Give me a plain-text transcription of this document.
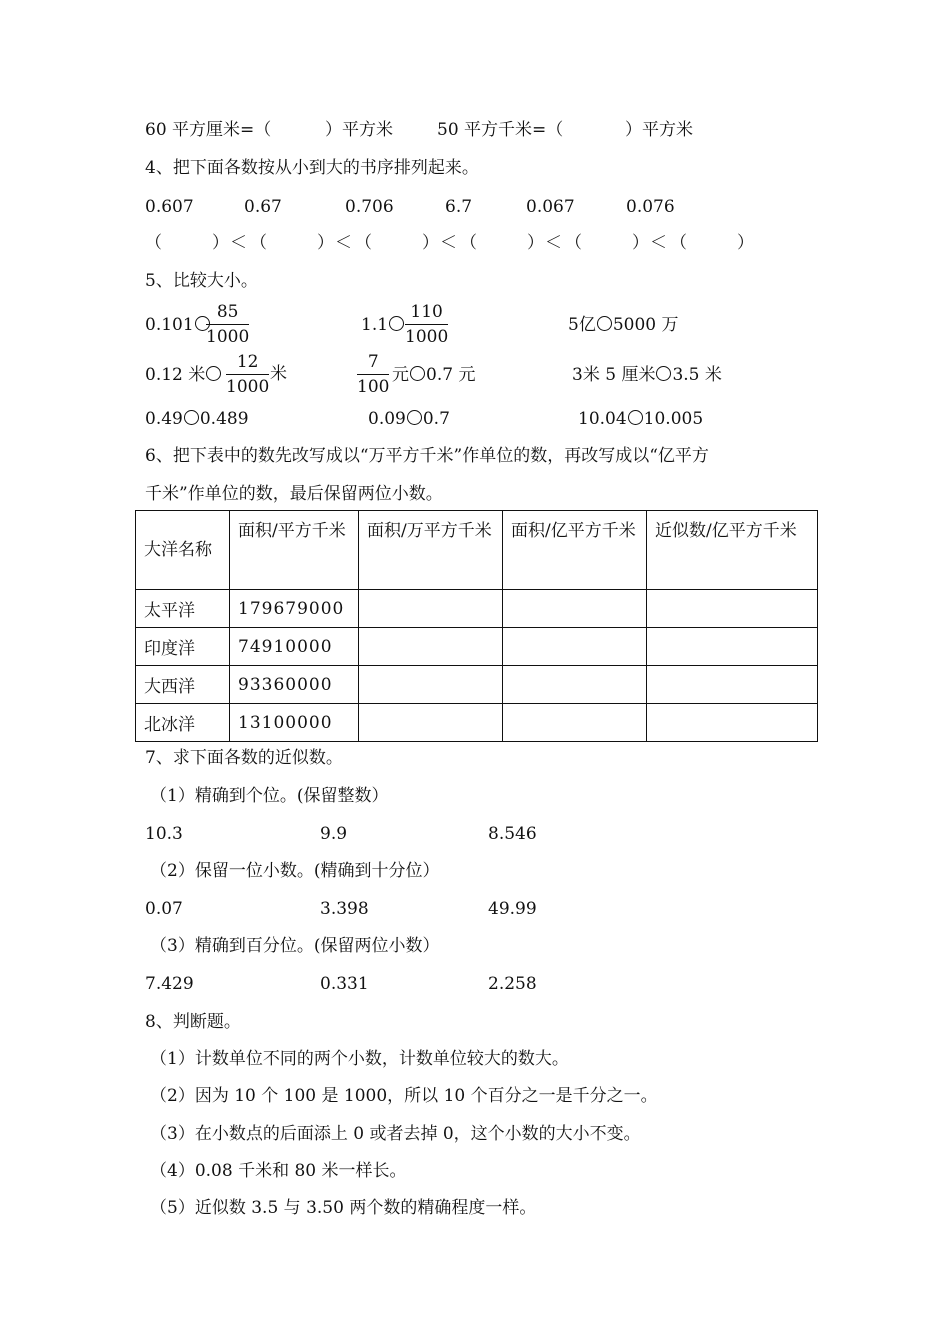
60 平方厘米=（	）平方米	50 平方千米=（	）平方米
4、把下面各数按从小到大的书序排列起来。
0.607	0.67	0.706	6.7	0.067	0.076
（	） ＜ （	） ＜ （	） ＜ （	） ＜ （	） ＜ （	）
5、比较大小。
$0.101 \frac{85}{1000}$	$1.1 \frac{110}{1000}$	5亿 5000 万
0.12 米	$\frac{12}{1000}$ 米	$\frac{7}{100}$ 元 0.7 元	3米 5 厘米 3.5 米
0.49 0.489	0.09 0.7	10.04 10.005
6、把下表中的数先改写成以“万平方千米”作单位的数，再改写成以“亿平方
千米”作单位的数，最后保留两位小数。
大洋名称	面积/平方千米	面积/万平方千米	面积/亿平方千米	近似数/亿平方千米
太平洋	179679000			
印度洋	74910000			
大西洋	93360000			
北冰洋	13100000			
7、求下面各数的近似数。
（1）精确到个位。(保留整数）
10.3	9.9	8.546
（2）保留一位小数。(精确到十分位）
0.07	3.398	49.99
（3）精确到百分位。(保留两位小数）
7.429	0.331	2.258
8、判断题。
（1）计数单位不同的两个小数，计数单位较大的数大。
（2）因为 10 个 100 是 1000，所以 10 个百分之一是千分之一。
（3）在小数点的后面添上 0 或者去掉 0，这个小数的大小不变。
（4）0.08 千米和 80 米一样长。
（5）近似数 3.5 与 3.50 两个数的精确程度一样。
